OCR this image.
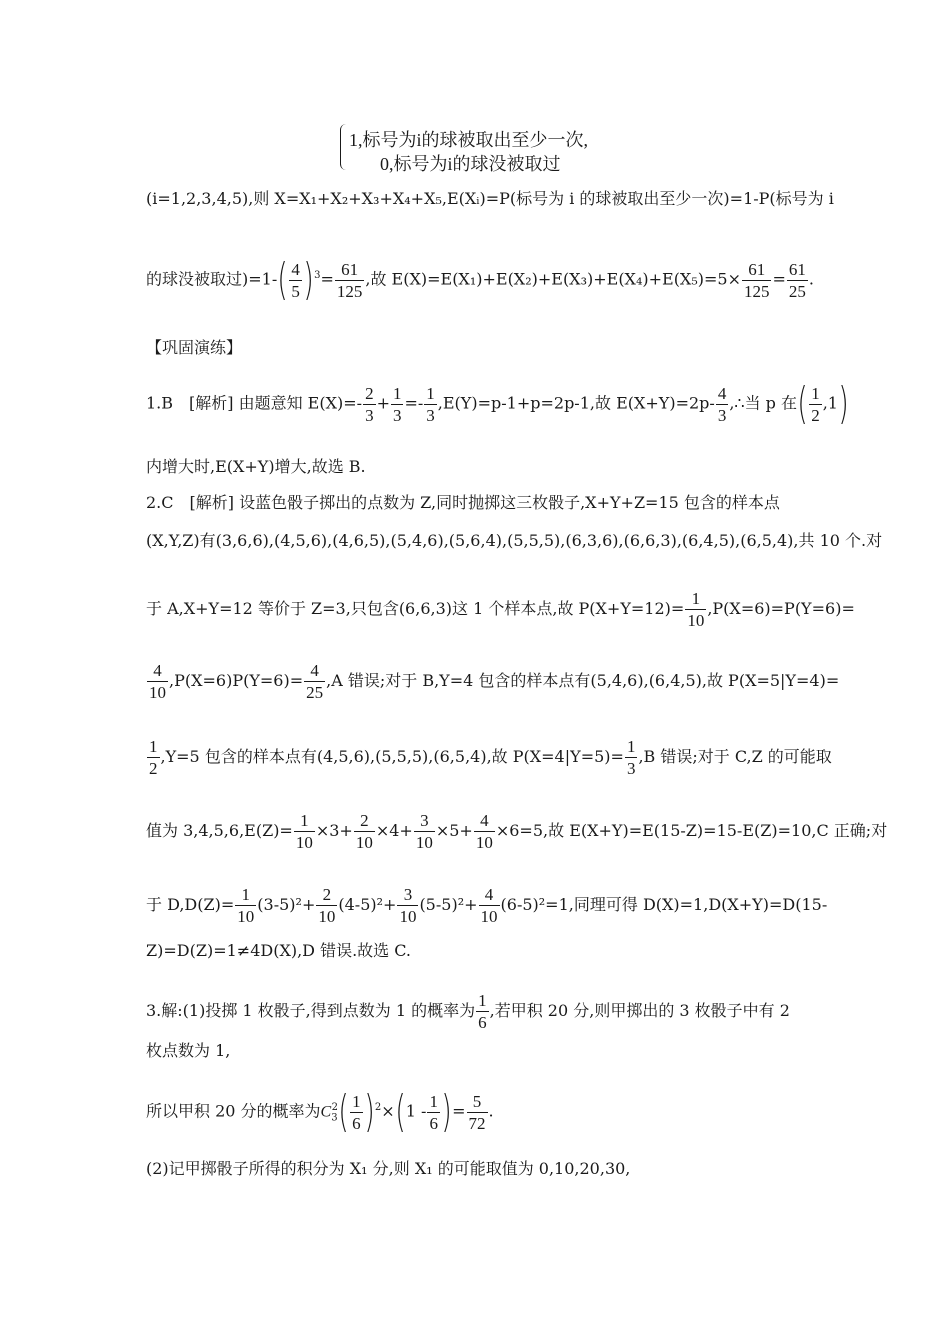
1,标号为i的球被取出至少一次,
0,标号为i的球没被取过
(i=1,2,3,4,5),则 X=X₁+X₂+X₃+X₄+X₅,E(Xᵢ)=P(标号为 i 的球被取出至少一次)=1-P(标号为 i
的球没被取过)$=1-( \frac{4}{5} )^3= \frac{61}{125}$ ,故 $E(X)=E(X_1)+E(X_2)+E(X_3)+E(X_4)+E(X_5)=5\times \frac{61}{125} = \frac{61}{25}$ .
【巩固演练】
1.B　[解析] 由题意知 $E(X)=- \frac{2}{3} + \frac{1}{3} =- \frac{1}{3} ,E(Y)=p-1+p=2p-1$,故 $E(X+Y)=2p- \frac{4}{3}$ ,∴当 p 在( $\frac{1}{2} ,1$)
内增大时,E(X+Y)增大,故选 B.
2.C　[解析] 设蓝色骰子掷出的点数为 Z,同时抛掷这三枚骰子,X+Y+Z=15 包含的样本点
(X,Y,Z)有(3,6,6),(4,5,6),(4,6,5),(5,4,6),(5,6,4),(5,5,5),(6,3,6),(6,6,3),(6,4,5),(6,5,4),共 10 个.对
于 A,X+Y=12 等价于 Z=3,只包含(6,6,3)这 1 个样本点,故 $P(X+Y=12)= \frac{1}{10} ,P(X=6)=P(Y=6)=$
$\frac{4}{10} ,P(X=6)P(Y=6)= \frac{4}{25} ,A$ 错误;对于 B,Y=4 包含的样本点有(5,4,6),(6,4,5),故 P(X=5|Y=4)=
$\frac{1}{2} ,Y=5$ 包含的样本点有(4,5,6),(5,5,5),(6,5,4),故 $P(X=4|Y=5)= \frac{1}{3} ,B$ 错误;对于 C,Z 的可能取
值为 $3,4,5,6,E(Z)= \frac{1}{10} \times 3+ \frac{2}{10} \times 4+ \frac{3}{10} \times 5+ \frac{4}{10} \times 6=5$,故 E(X+Y)=E(15-Z)=15-E(Z)=10,C 正确;对
于 $D,D(Z)= \frac{1}{10} (3-5)^2+ \frac{2}{10} (4-5)^2+ \frac{3}{10} (5-5)^2+ \frac{4}{10} (6-5)^2=1$,同理可得 D(X)=1,D(X+Y)=D(15-
Z)=D(Z)=1≠4D(X),D 错误.故选 C.
3.解:(1)投掷 1 枚骰子,得到点数为 1 的概率为 $\frac{1}{6}$ ,若甲积 20 分,则甲掷出的 3 枚骰子中有 2
枚点数为 1,
所以甲积 20 分的概率为$C_3^2( \frac{1}{6} )^2\times(1 - \frac{1}{6}$ )= $\frac{5}{72}$ .
(2)记甲掷骰子所得的积分为 X₁ 分,则 X₁ 的可能取值为 0,10,20,30,
